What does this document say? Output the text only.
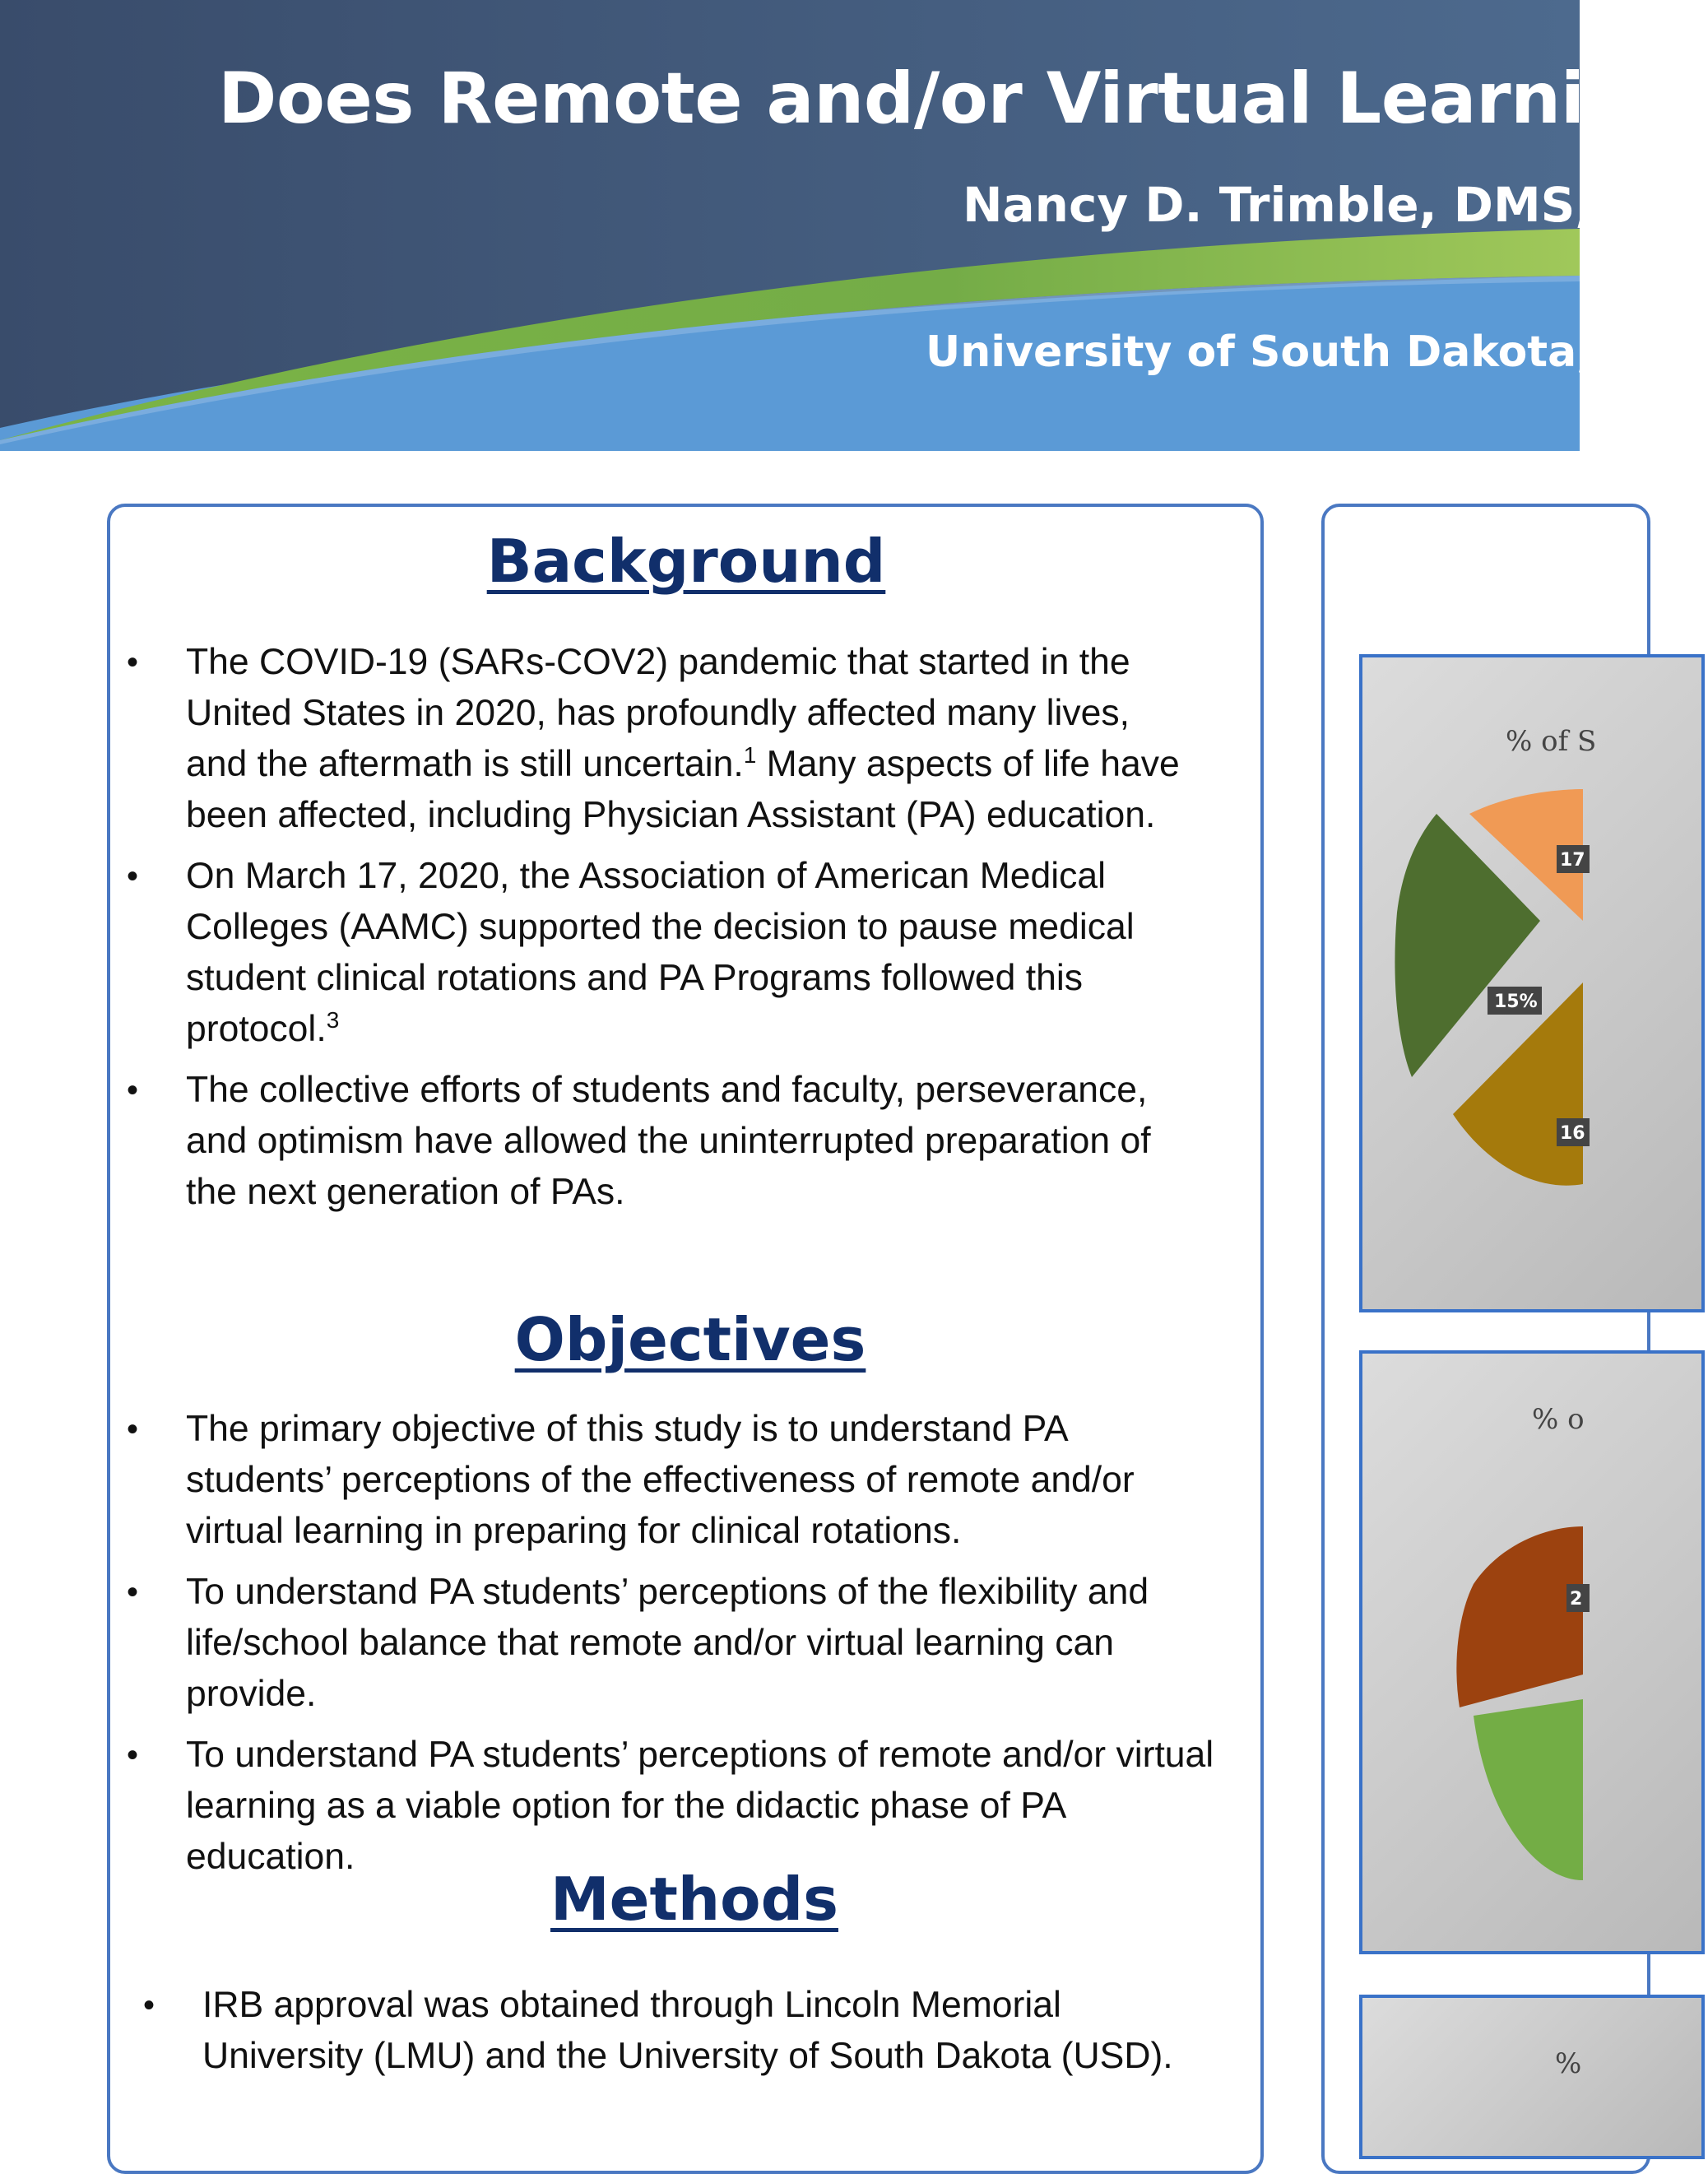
Does Remote and/or Virtual Learning
Nancy D. Trimble, DMS, I
University of South Dakota, De
Background
• The COVID-19 (SARs-COV2) pandemic that started in the United States in 2020, has profoundly affected many lives, and the aftermath is still uncertain.$^1$ Many aspects of life have been affected, including Physician Assistant (PA) education.
• On March 17, 2020, the Association of American Medical Colleges (AAMC) supported the decision to pause medical student clinical rotations and PA Programs followed this protocol.$^3$
• The collective efforts of students and faculty, perseverance, and optimism have allowed the uninterrupted preparation of the next generation of PAs.
Objectives
• The primary objective of this study is to understand PA students’ perceptions of the effectiveness of remote and/or virtual learning in preparing for clinical rotations.
• To understand PA students’ perceptions of the flexibility and life/school balance that remote and/or virtual learning can provide.
• To understand PA students’ perceptions of remote and/or virtual learning as a viable option for the didactic phase of PA education.
Methods
• IRB approval was obtained through Lincoln Memorial University (LMU) and the University of South Dakota (USD).

% of S

17
15%
16

% o

2

%
